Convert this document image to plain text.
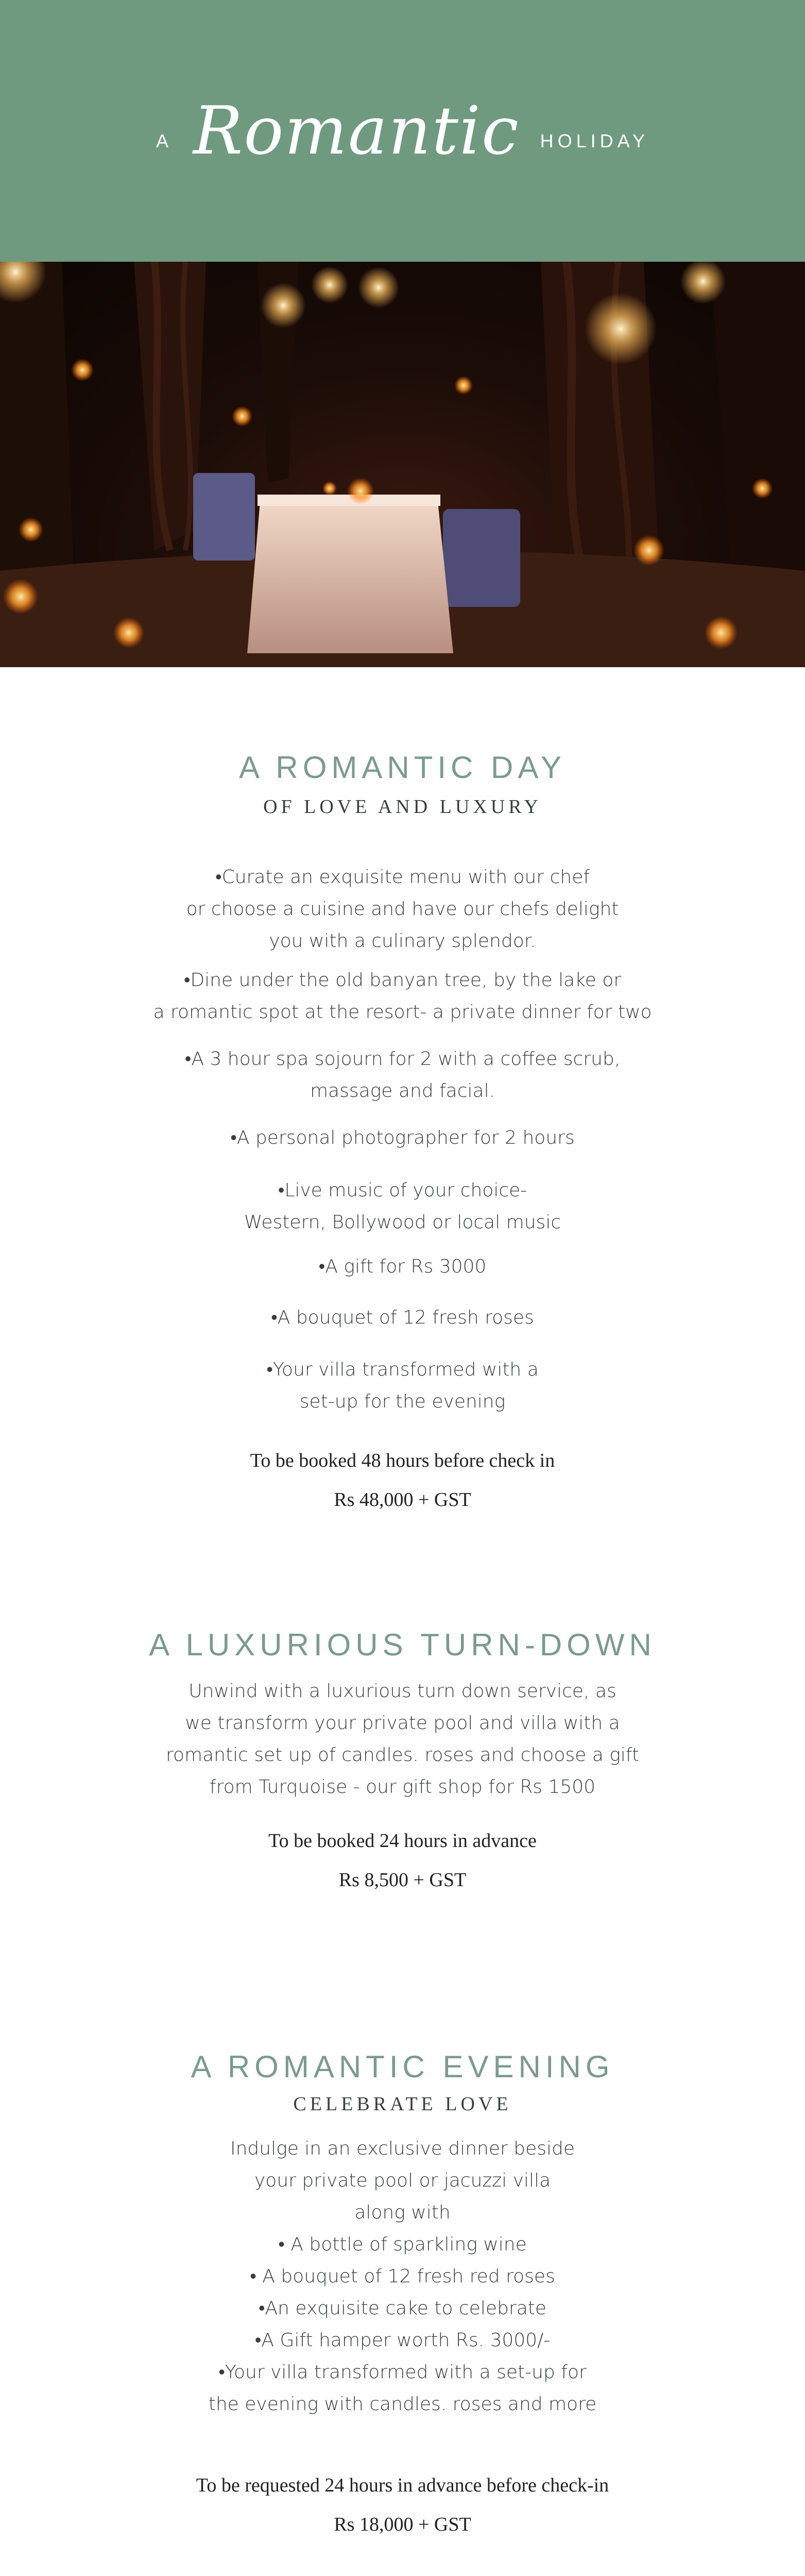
A Romantic HOLIDAY
A ROMANTIC DAY
OF LOVE AND LUXURY
•Curate an exquisite menu with our chef
or choose a cuisine and have our chefs delight
you with a culinary splendor.
•Dine under the old banyan tree, by the lake or
a romantic spot at the resort- a private dinner for two
•A 3 hour spa sojourn for 2 with a coffee scrub,
massage and facial.
•A personal photographer for 2 hours
•Live music of your choice-
Western, Bollywood or local music
•A gift for Rs 3000
•A bouquet of 12 fresh roses
•Your villa transformed with a
set-up for the evening
To be booked 48 hours before check in
Rs 48,000 + GST
A LUXURIOUS TURN-DOWN
Unwind with a luxurious turn down service, as
we transform your private pool and villa with a
romantic set up of candles. roses and choose a gift
from Turquoise - our gift shop for Rs 1500
To be booked 24 hours in advance
Rs 8,500 + GST
A ROMANTIC EVENING
CELEBRATE LOVE
Indulge in an exclusive dinner beside
your private pool or jacuzzi villa
along with
• A bottle of sparkling wine
• A bouquet of 12 fresh red roses
•An exquisite cake to celebrate
•A Gift hamper worth Rs. 3000/-
•Your villa transformed with a set-up for
the evening with candles. roses and more
To be requested 24 hours in advance before check-in
Rs 18,000 + GST
